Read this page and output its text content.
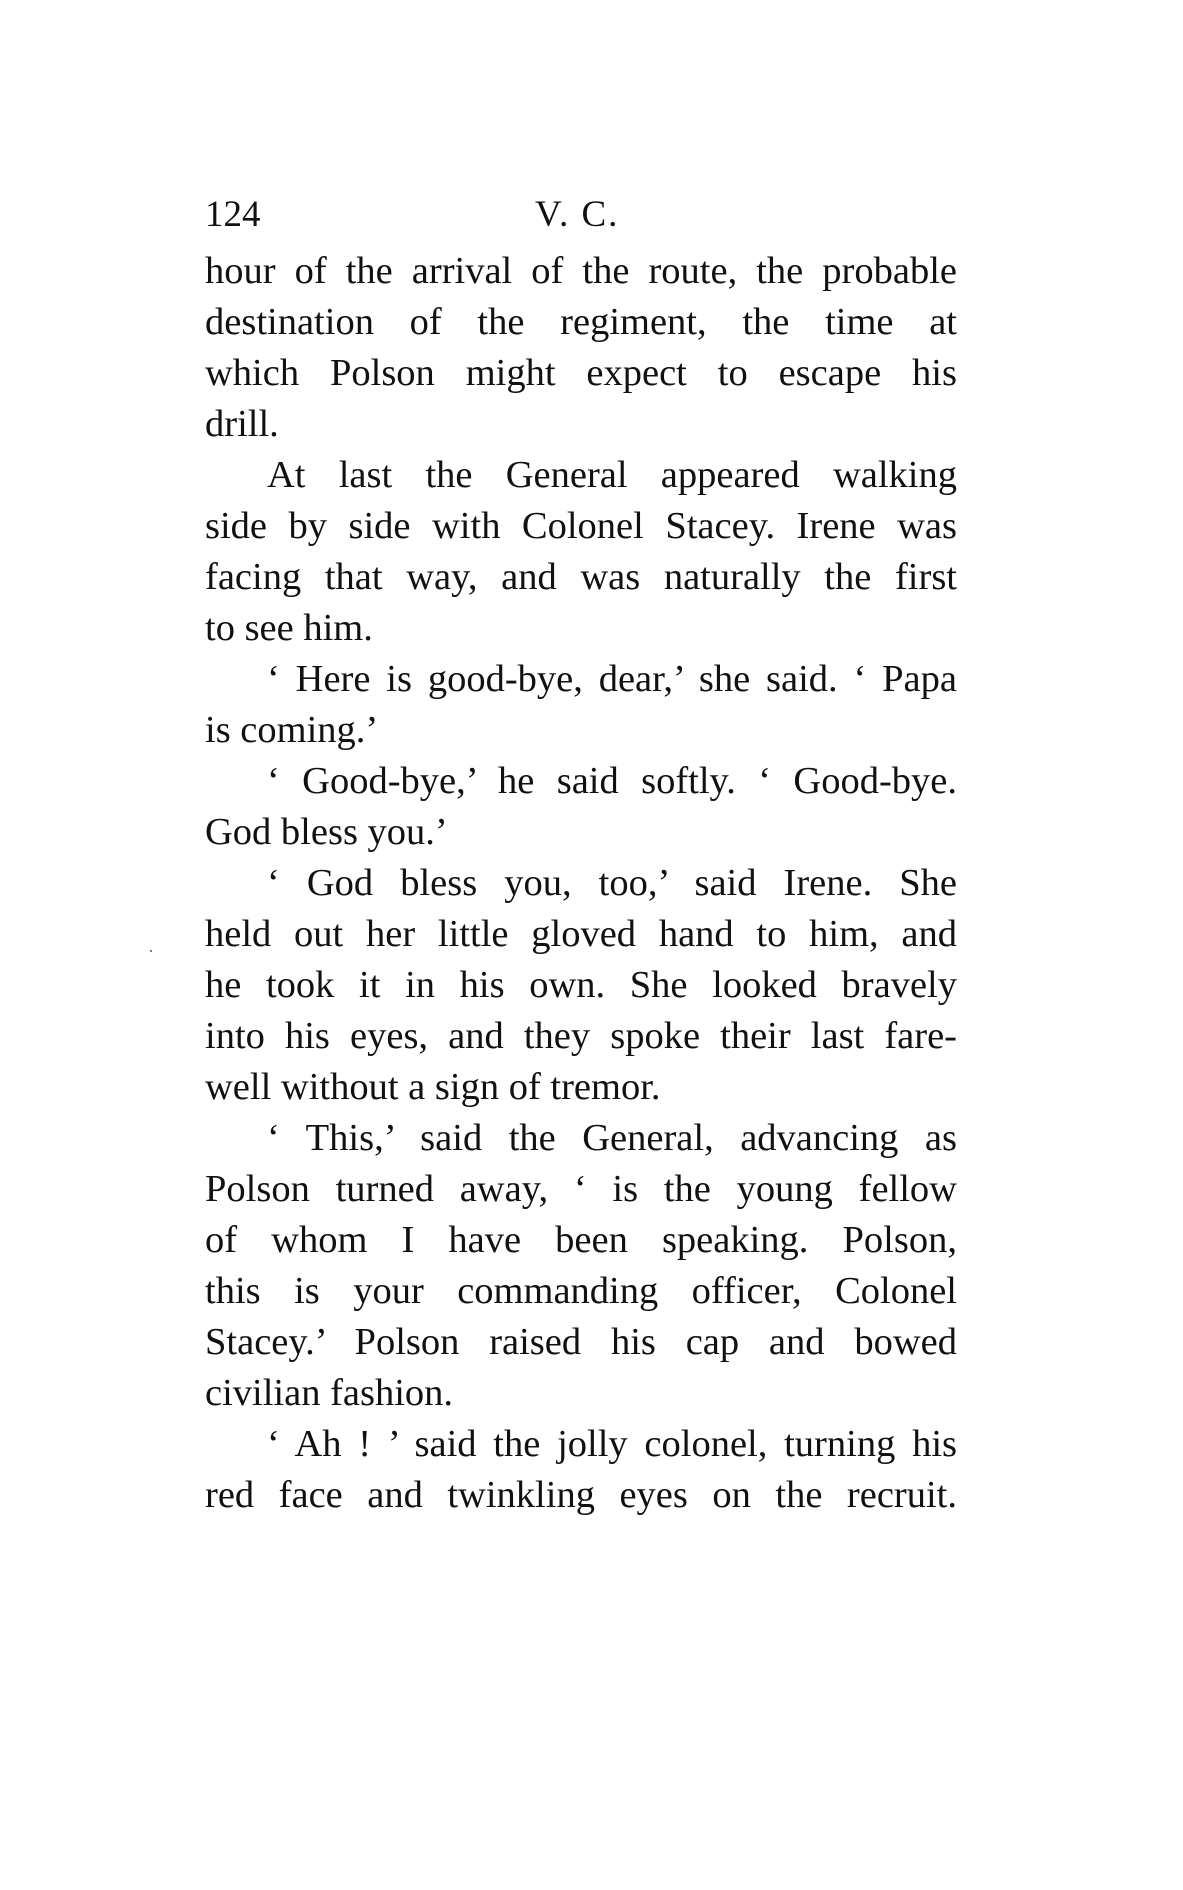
124	V. C.
hour of the arrival of the route, the probable
destination of the regiment, the time at
which Polson might expect to escape his
drill.
At last the General appeared walking
side by side with Colonel Stacey. Irene was
facing that way, and was naturally the first
to see him.
‘ Here is good-bye, dear,’ she said. ‘ Papa
is coming.’
‘ Good-bye,’ he said softly. ‘ Good-bye.
God bless you.’
‘ God bless you, too,’ said Irene. She
held out her little gloved hand to him, and
he took it in his own. She looked bravely
into his eyes, and they spoke their last fare-
well without a sign of tremor.
‘ This,’ said the General, advancing as
Polson turned away, ‘ is the young fellow
of whom I have been speaking. Polson,
this is your commanding officer, Colonel
Stacey.’ Polson raised his cap and bowed
civilian fashion.
‘ Ah ! ’ said the jolly colonel, turning his
red face and twinkling eyes on the recruit.
